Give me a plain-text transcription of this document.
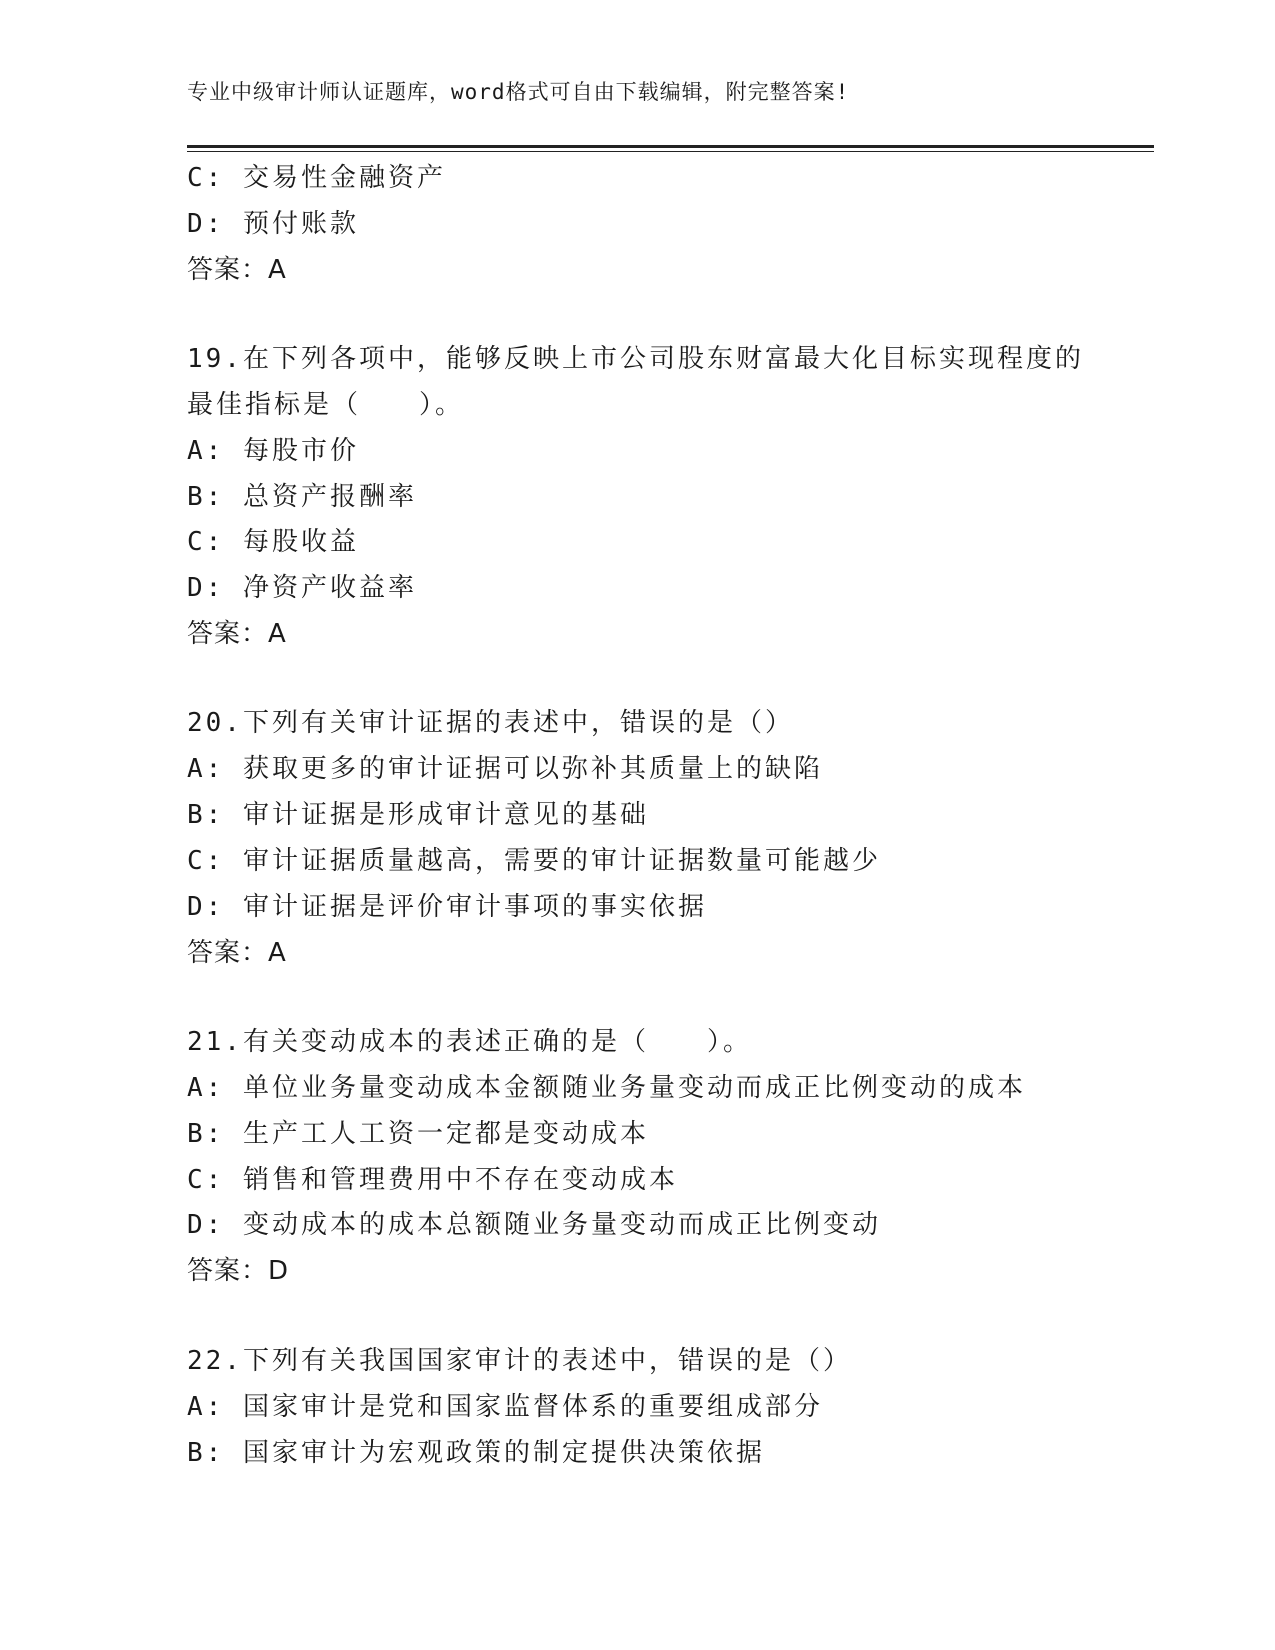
专业中级审计师认证题库，word格式可自由下载编辑，附完整答案!
C: 交易性金融资产
D: 预付账款
答案：A
19.在下列各项中，能够反映上市公司股东财富最大化目标实现程度的
最佳指标是（　　）。
A: 每股市价
B: 总资产报酬率
C: 每股收益
D: 净资产收益率
答案：A
20.下列有关审计证据的表述中，错误的是（）
A: 获取更多的审计证据可以弥补其质量上的缺陷
B: 审计证据是形成审计意见的基础
C: 审计证据质量越高，需要的审计证据数量可能越少
D: 审计证据是评价审计事项的事实依据
答案：A
21.有关变动成本的表述正确的是（　　）。
A: 单位业务量变动成本金额随业务量变动而成正比例变动的成本
B: 生产工人工资一定都是变动成本
C: 销售和管理费用中不存在变动成本
D: 变动成本的成本总额随业务量变动而成正比例变动
答案：D
22.下列有关我国国家审计的表述中，错误的是（）
A: 国家审计是党和国家监督体系的重要组成部分
B: 国家审计为宏观政策的制定提供决策依据
